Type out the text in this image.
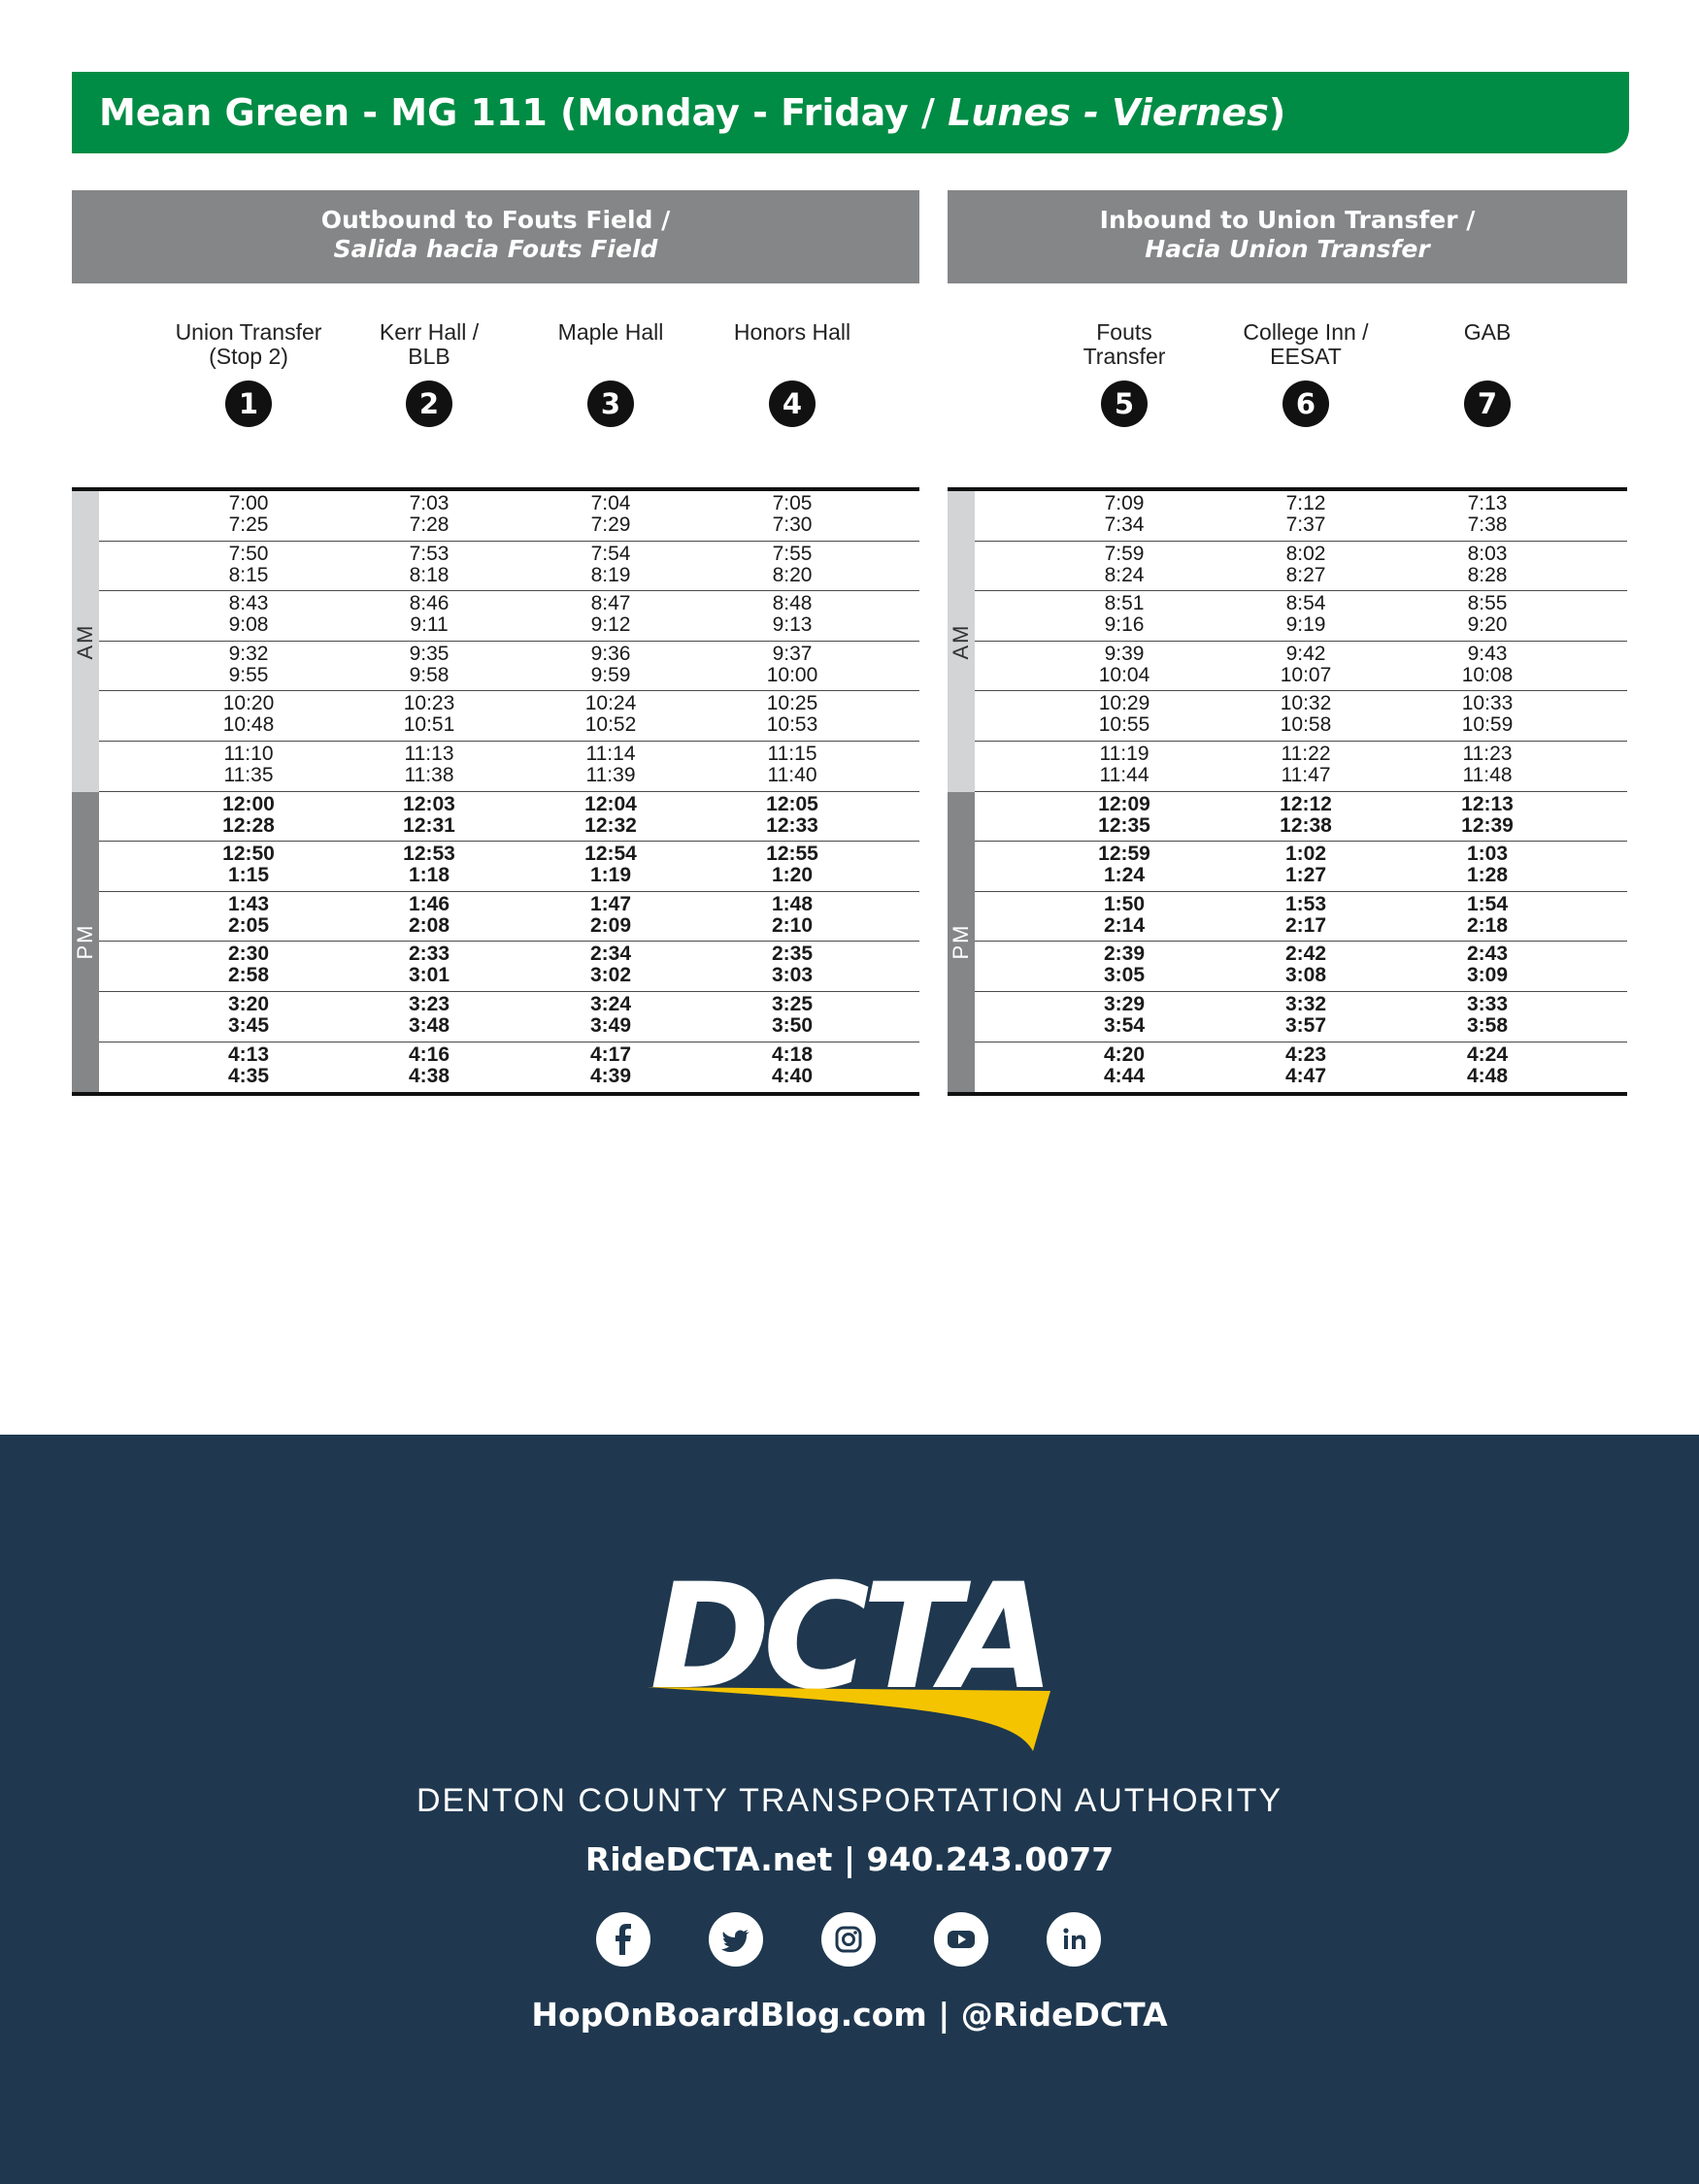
Mean Green - MG 111 (Monday - Friday / Lunes - Viernes)
Outbound to Fouts Field /
Salida hacia Fouts Field
Union Transfer
(Stop 2)
1
Kerr Hall /
BLB
2
Maple Hall
3
Honors Hall
4
AM
PM
7:00
7:25
7:03
7:28
7:04
7:29
7:05
7:30
7:50
8:15
7:53
8:18
7:54
8:19
7:55
8:20
8:43
9:08
8:46
9:11
8:47
9:12
8:48
9:13
9:32
9:55
9:35
9:58
9:36
9:59
9:37
10:00
10:20
10:48
10:23
10:51
10:24
10:52
10:25
10:53
11:10
11:35
11:13
11:38
11:14
11:39
11:15
11:40
12:00
12:28
12:03
12:31
12:04
12:32
12:05
12:33
12:50
1:15
12:53
1:18
12:54
1:19
12:55
1:20
1:43
2:05
1:46
2:08
1:47
2:09
1:48
2:10
2:30
2:58
2:33
3:01
2:34
3:02
2:35
3:03
3:20
3:45
3:23
3:48
3:24
3:49
3:25
3:50
4:13
4:35
4:16
4:38
4:17
4:39
4:18
4:40
Inbound to Union Transfer /
Hacia Union Transfer
Fouts
Transfer
5
College Inn /
EESAT
6
GAB
7
AM
PM
7:09
7:34
7:12
7:37
7:13
7:38
7:59
8:24
8:02
8:27
8:03
8:28
8:51
9:16
8:54
9:19
8:55
9:20
9:39
10:04
9:42
10:07
9:43
10:08
10:29
10:55
10:32
10:58
10:33
10:59
11:19
11:44
11:22
11:47
11:23
11:48
12:09
12:35
12:12
12:38
12:13
12:39
12:59
1:24
1:02
1:27
1:03
1:28
1:50
2:14
1:53
2:17
1:54
2:18
2:39
3:05
2:42
3:08
2:43
3:09
3:29
3:54
3:32
3:57
3:33
3:58
4:20
4:44
4:23
4:47
4:24
4:48
DCTA
DENTON COUNTY TRANSPORTATION AUTHORITY
RideDCTA.net | 940.243.0077
HopOnBoardBlog.com | @RideDCTA
